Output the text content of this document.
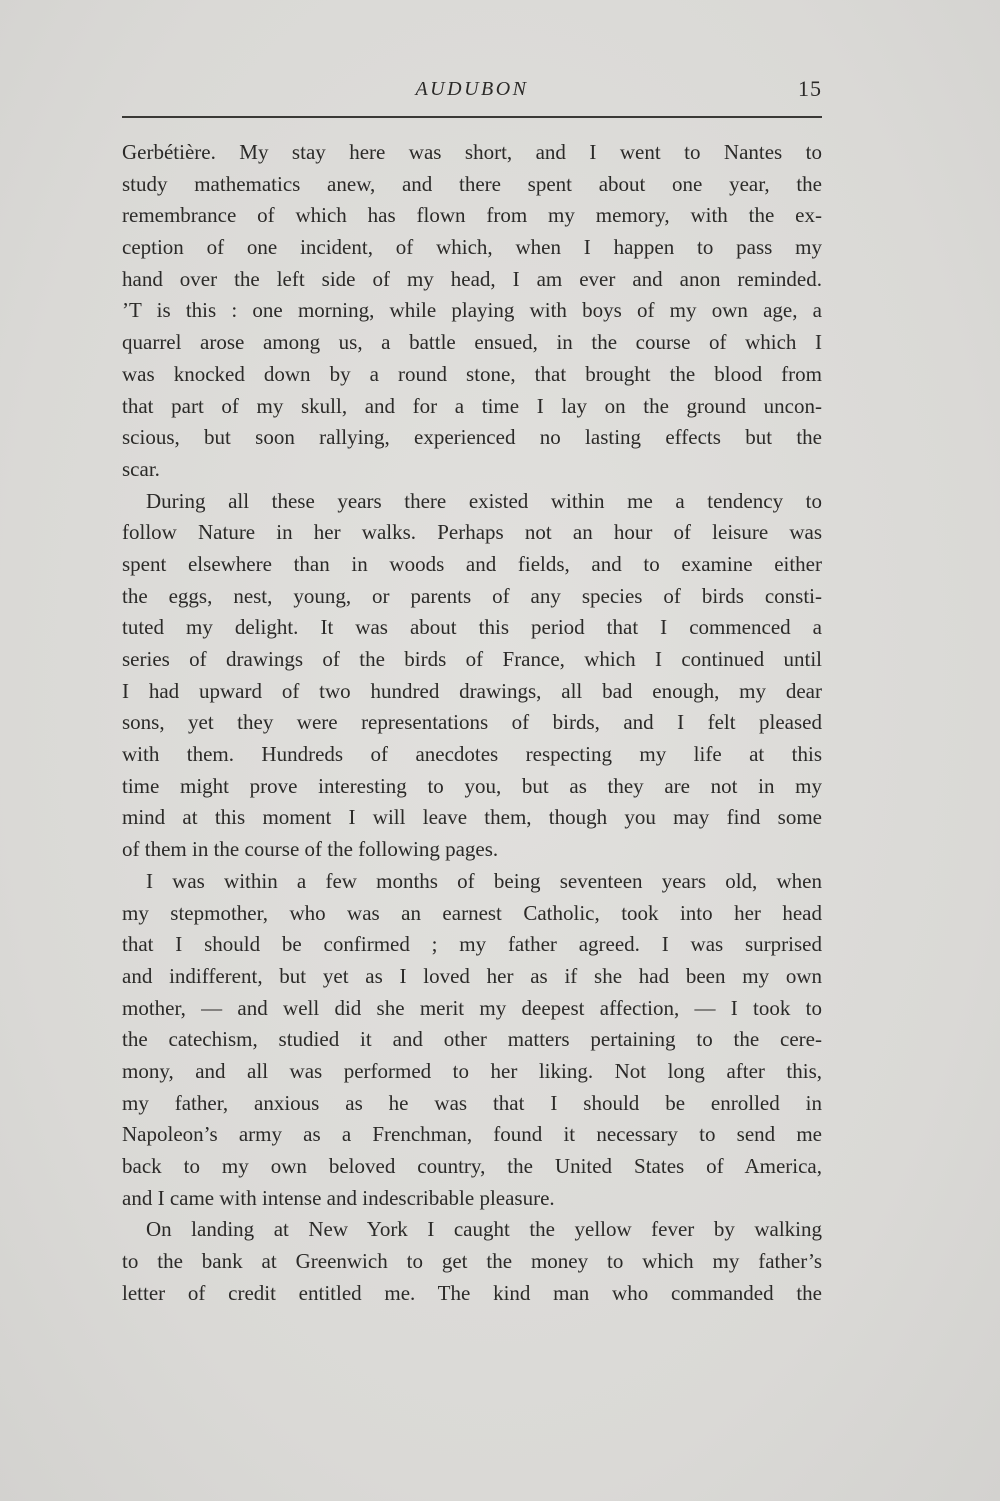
AUDUBON	15
Gerbétière. My stay here was short, and I went to Nantes to
study mathematics anew, and there spent about one year, the
remembrance of which has flown from my memory, with the ex-
ception of one incident, of which, when I happen to pass my
hand over the left side of my head, I am ever and anon reminded.
’T is this : one morning, while playing with boys of my own age, a
quarrel arose among us, a battle ensued, in the course of which I
was knocked down by a round stone, that brought the blood from
that part of my skull, and for a time I lay on the ground uncon-
scious, but soon rallying, experienced no lasting effects but the
scar.
During all these years there existed within me a tendency to
follow Nature in her walks. Perhaps not an hour of leisure was
spent elsewhere than in woods and fields, and to examine either
the eggs, nest, young, or parents of any species of birds consti-
tuted my delight. It was about this period that I commenced a
series of drawings of the birds of France, which I continued until
I had upward of two hundred drawings, all bad enough, my dear
sons, yet they were representations of birds, and I felt pleased
with them. Hundreds of anecdotes respecting my life at this
time might prove interesting to you, but as they are not in my
mind at this moment I will leave them, though you may find some
of them in the course of the following pages.
I was within a few months of being seventeen years old, when
my stepmother, who was an earnest Catholic, took into her head
that I should be confirmed ; my father agreed. I was surprised
and indifferent, but yet as I loved her as if she had been my own
mother, — and well did she merit my deepest affection, — I took to
the catechism, studied it and other matters pertaining to the cere-
mony, and all was performed to her liking. Not long after this,
my father, anxious as he was that I should be enrolled in
Napoleon’s army as a Frenchman, found it necessary to send me
back to my own beloved country, the United States of America,
and I came with intense and indescribable pleasure.
On landing at New York I caught the yellow fever by walking
to the bank at Greenwich to get the money to which my father’s
letter of credit entitled me. The kind man who commanded the
